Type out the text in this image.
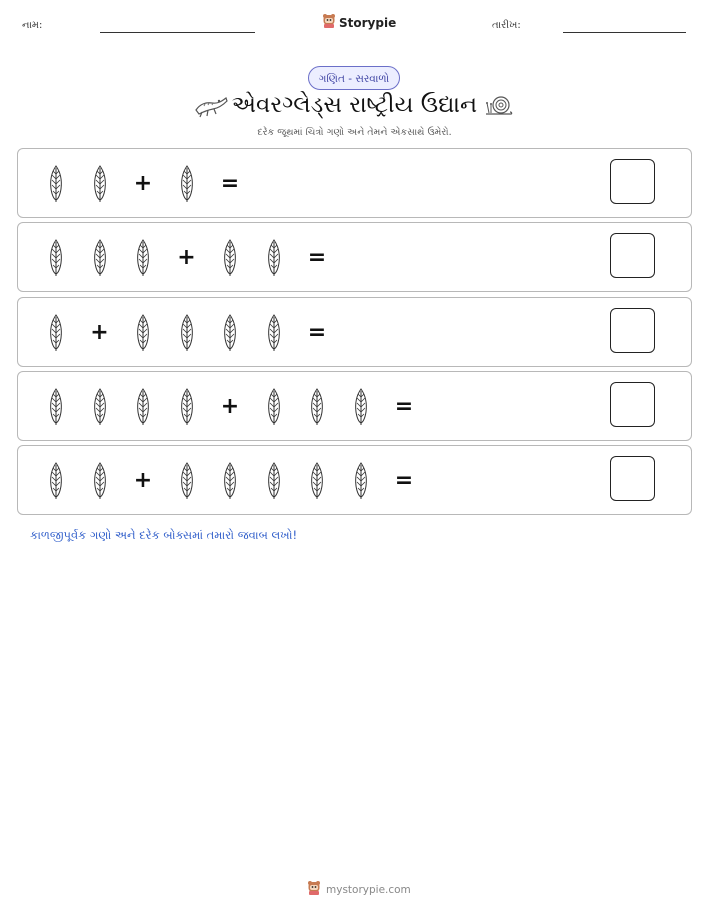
નામ:	Storypie	તારીખ:
ગણિત - સરવાળો
એવરગ્લેડ્સ રાષ્ટ્રીય ઉદ્યાન
દરેક જૂથમાં ચિત્રો ગણો અને તેમને એકસાથે ઉમેરો.
+	=
+	=
+	=
+	=
+	=
કાળજીપૂર્વક ગણો અને દરેક બોક્સમાં તમારો જવાબ લખો!
mystorypie.com
